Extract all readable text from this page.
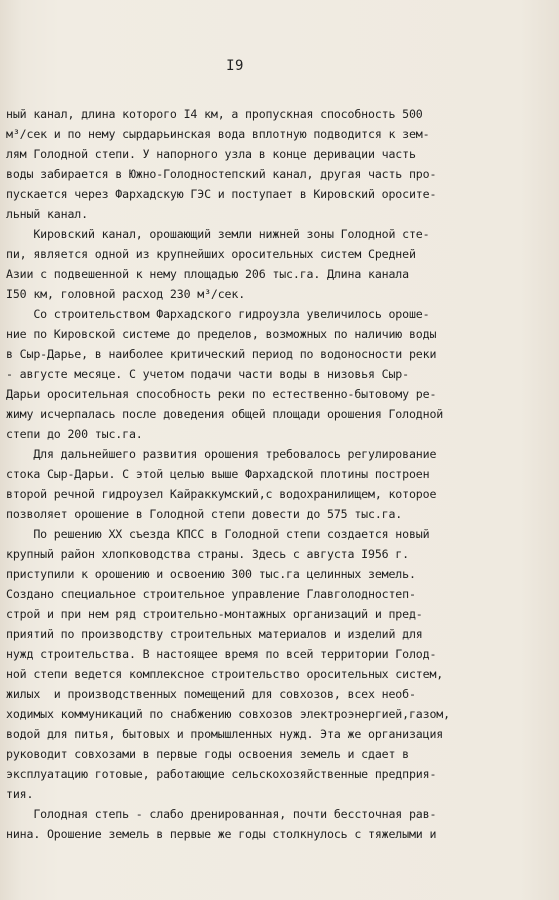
I9
ный канал, длина которого I4 км, а пропускная способность 500
м³/сек и по нему сырдарьинская вода вплотную подводится к зем-
лям Голодной степи. У напорного узла в конце деривации часть
воды забирается в Южно-Голодностепский канал, другая часть про-
пускается через Фархадскую ГЭС и поступает в Кировский ороситe-
льный канал.
Кировский канал, орошающий земли нижней зоны Голодной сте-
пи, является одной из крупнейших оросительных систем Средней
Азии с подвешенной к нему площадью 206 тыс.га. Длина канала
I50 км, головной расход 230 м³/сек.
Со строительством Фархадского гидроузла увеличилось ороше-
ние по Кировской системе до пределов, возможных по наличию воды
в Сыр-Дарье, в наиболее критический период по водоносности реки
- августе месяце. С учетом подачи части воды в низовья Сыр-
Дарьи оросительная способность реки по естественно-бытовому ре-
жиму исчерпалась после доведения общей площади орошения Голодной
степи до 200 тыс.га.
Для дальнейшего развития орошения требовалось регулирование
стока Сыр-Дарьи. С этой целью выше Фархадской плотины построен
второй речной гидроузел Кайраккумский,с водохранилищем, которое
позволяет орошение в Голодной степи довести до 575 тыс.га.
По решению XX съезда КПСС в Голодной степи создается новый
крупный район хлопководства страны. Здесь с августа I956 г.
приступили к орошению и освоению 300 тыс.га целинных земель.
Создано специальное строительное управление Главголодностеп-
строй и при нем ряд строительно-монтажных организаций и пред-
приятий по производству строительных материалов и изделий для
нужд строительства. В настоящее время по всей территории Голод-
ной степи ведется комплексное строительство оросительных систем,
жилых  и производственных помещений для совхозов, всех необ-
ходимых коммуникаций по снабжению совхозов электроэнергией,газом,
водой для питья, бытовых и промышленных нужд. Эта же организация
руководит совхозами в первые годы освоения земель и сдает в
эксплуатацию готовые, работающие сельскохозяйственные предприя-
тия.
Голодная степь - слабо дренированная, почти бессточная рав-
нина. Орошение земель в первые же годы столкнулось с тяжелыми и
